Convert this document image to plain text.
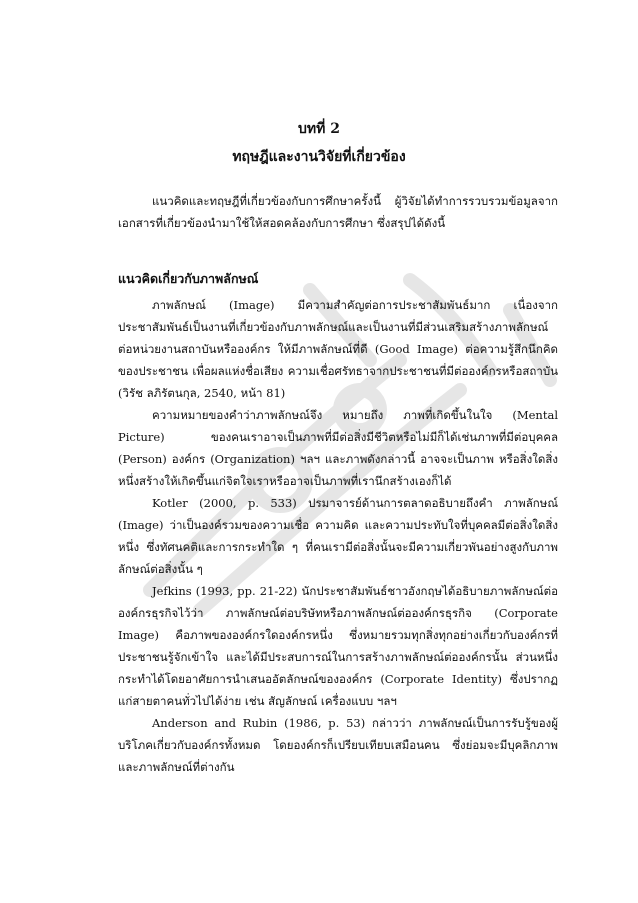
บทที่ 2
ทฤษฎีและงานวิจัยที่เกี่ยวข้อง

แนวคิดและทฤษฎีที่เกี่ยวข้องกับการศึกษาครั้งนี้ ผู้วิจัยได้ทำการรวบรวมข้อมูลจากเอกสารที่เกี่ยวข้องนำมาใช้ให้สอดคล้องกับการศึกษา ซึ่งสรุปได้ดังนี้

แนวคิดเกี่ยวกับภาพลักษณ์

ภาพลักษณ์ (Image) มีความสำคัญต่อการประชาสัมพันธ์มาก เนื่องจากประชาสัมพันธ์เป็นงานที่เกี่ยวข้องกับภาพลักษณ์และเป็นงานที่มีส่วนเสริมสร้างภาพลักษณ์ต่อหน่วยงานสถาบันหรือองค์กร ให้มีภาพลักษณ์ที่ดี (Good Image) ต่อความรู้สึกนึกคิดของประชาชน เพื่อผลแห่งชื่อเสียง ความเชื่อศรัทธาจากประชาชนที่มีต่อองค์กรหรือสถาบัน (วิรัช ลภิรัตนกุล, 2540, หน้า 81)

ความหมายของคำว่าภาพลักษณ์จึง หมายถึง ภาพที่เกิดขึ้นในใจ (Mental Picture) ของคนเราอาจเป็นภาพที่มีต่อสิ่งมีชีวิตหรือไม่มีก็ได้เช่นภาพที่มีต่อบุคคล (Person) องค์กร (Organization) ฯลฯ และภาพดังกล่าวนี้ อาจจะเป็นภาพ หรือสิ่งใดสิ่งหนึ่งสร้างให้เกิดขึ้นแก่จิตใจเราหรืออาจเป็นภาพที่เรานึกสร้างเองก็ได้

Kotler (2000, p. 533) ปรมาจารย์ด้านการตลาดอธิบายถึงคำ ภาพลักษณ์ (Image) ว่าเป็นองค์รวมของความเชื่อ ความคิด และความประทับใจที่บุคคลมีต่อสิ่งใดสิ่งหนึ่ง ซึ่งทัศนคติและการกระทำใด ๆ ที่คนเรามีต่อสิ่งนั้นจะมีความเกี่ยวพันอย่างสูงกับภาพลักษณ์ต่อสิ่งนั้น ๆ

Jefkins (1993, pp. 21-22) นักประชาสัมพันธ์ชาวอังกฤษได้อธิบายภาพลักษณ์ต่อองค์กรธุรกิจไว้ว่า ภาพลักษณ์ต่อบริษัทหรือภาพลักษณ์ต่อองค์กรธุรกิจ (Corporate Image) คือภาพขององค์กรใดองค์กรหนึ่ง ซึ่งหมายรวมทุกสิ่งทุกอย่างเกี่ยวกับองค์กรที่ประชาชนรู้จักเข้าใจ และได้มีประสบการณ์ในการสร้างภาพลักษณ์ต่อองค์กรนั้น ส่วนหนึ่งกระทำได้โดยอาศัยการนำเสนออัตลักษณ์ขององค์กร (Corporate Identity) ซึ่งปรากฏแก่สายตาคนทั่วไปได้ง่าย เช่น สัญลักษณ์ เครื่องแบบ ฯลฯ

Anderson and Rubin (1986, p. 53) กล่าวว่า ภาพลักษณ์เป็นการรับรู้ของผู้บริโภคเกี่ยวกับองค์กรทั้งหมด โดยองค์กรก็เปรียบเทียบเสมือนคน ซึ่งย่อมจะมีบุคลิกภาพและภาพลักษณ์ที่ต่างกัน
